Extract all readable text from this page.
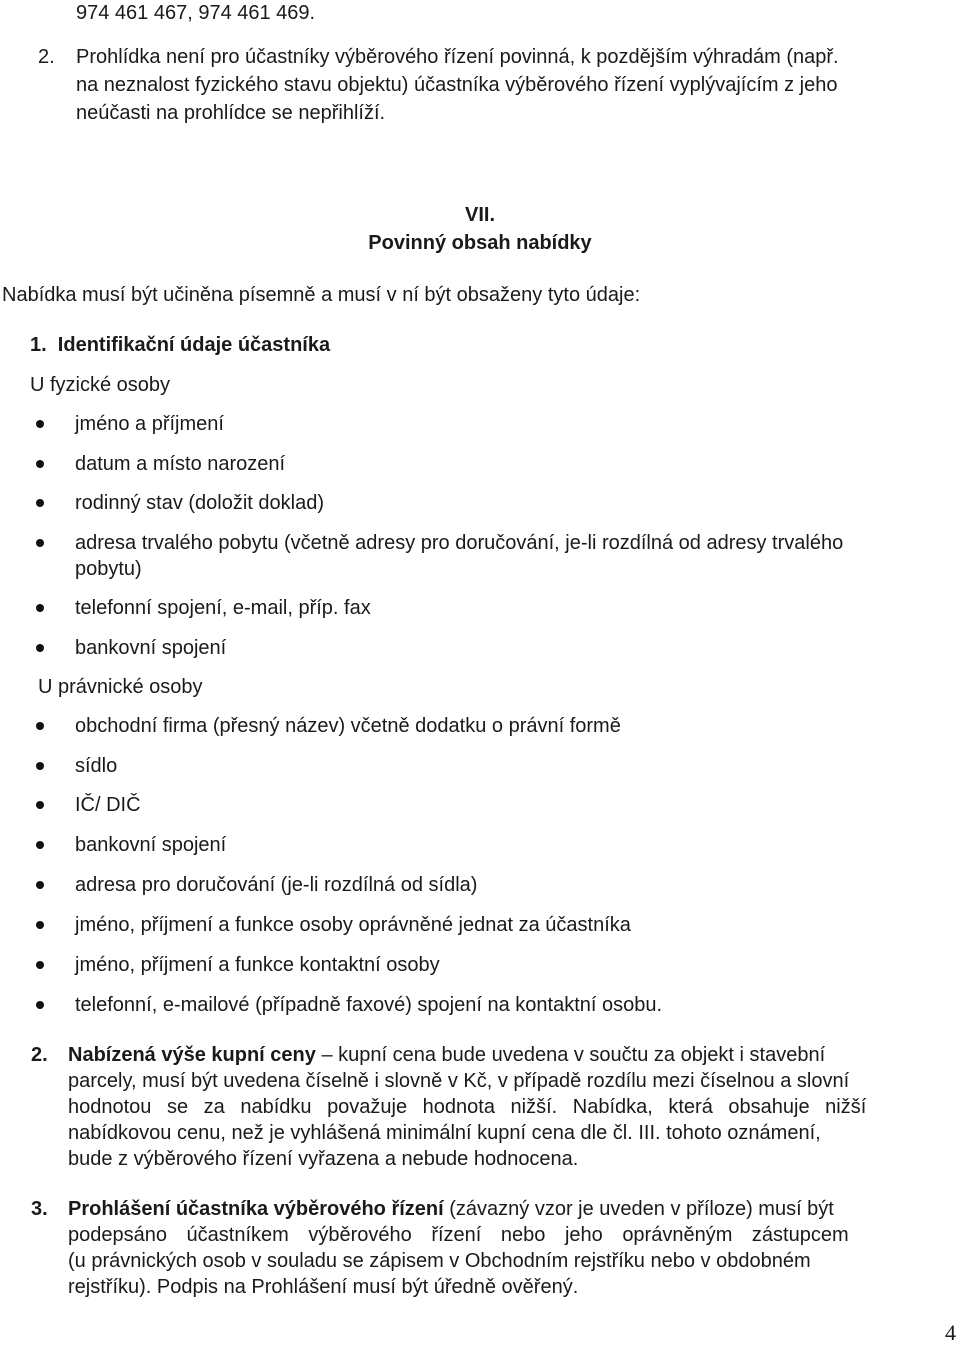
974 461 467, 974 461 469.
2. Prohlídka není pro účastníky výběrového řízení povinná, k pozdějším výhradám (např.
na neznalost fyzického stavu objektu) účastníka výběrového řízení vyplývajícím z jeho
neúčasti na prohlídce se nepřihlíží.
VII.
Povinný obsah nabídky
Nabídka musí být učiněna písemně a musí v ní být obsaženy tyto údaje:
1.  Identifikační údaje účastníka
U fyzické osoby
jméno a příjmení
datum a místo narození
rodinný stav (doložit doklad)
adresa trvalého pobytu (včetně adresy pro doručování, je-li rozdílná od adresy trvalého
pobytu)
telefonní spojení, e-mail, příp. fax
bankovní spojení
U právnické osoby
obchodní firma (přesný název) včetně dodatku o právní formě
sídlo
IČ/ DIČ
bankovní spojení
adresa pro doručování (je-li rozdílná od sídla)
jméno, příjmení a funkce osoby oprávněné jednat za účastníka
jméno, příjmení a funkce kontaktní osoby
telefonní, e-mailové (případně faxové) spojení na kontaktní osobu.
2. Nabízená výše kupní ceny – kupní cena bude uvedena v součtu za objekt i stavební
parcely, musí být uvedena číselně i slovně v Kč, v případě rozdílu mezi číselnou a slovní
hodnotou se za nabídku považuje hodnota nižší. Nabídka, která obsahuje nižší
nabídkovou cenu, než je vyhlášená minimální kupní cena dle čl. III. tohoto oznámení,
bude z výběrového řízení vyřazena a nebude hodnocena.
3. Prohlášení účastníka výběrového řízení (závazný vzor je uveden v příloze) musí být
podepsáno účastníkem výběrového řízení nebo jeho oprávněným zástupcem
(u právnických osob v souladu se zápisem v Obchodním rejstříku nebo v obdobném
rejstříku). Podpis na Prohlášení musí být úředně ověřený.
4
